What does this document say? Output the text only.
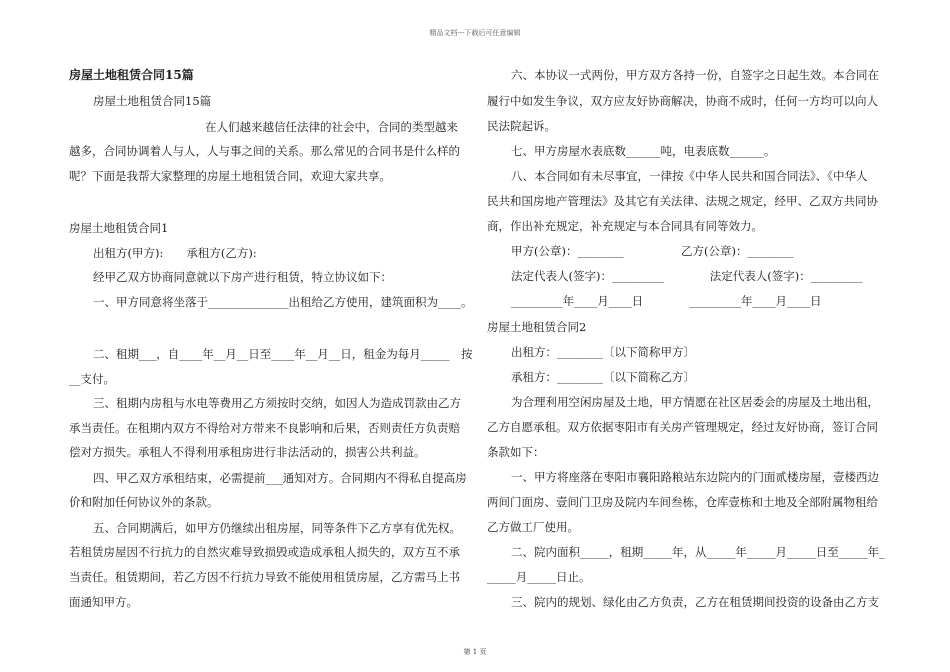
精品文档---下载后可任意编辑
房屋土地租赁合同15篇
房屋土地租赁合同15篇
在人们越来越信任法律的社会中，合同的类型越来
越多，合同协调着人与人，人与事之间的关系。那么常见的合同书是什么样的
呢？下面是我帮大家整理的房屋土地租赁合同，欢迎大家共享。
房屋土地租赁合同1
出租方(甲方):　　承租方(乙方):
经甲乙双方协商同意就以下房产进行租赁，特立协议如下：
一、甲方同意将坐落于______________出租给乙方使用，建筑面积为____。
二、租期___，自____年__月__日至____年__月__日，租金为每月_____　按
__支付。
三、租期内房租与水电等费用乙方须按时交纳，如因人为造成罚款由乙方
承当责任。在租期内双方不得给对方带来不良影响和后果，否则责任方负责赔
偿对方损失。承租人不得利用承租房进行非法活动的，损害公共利益。
四、甲乙双方承租结束，必需提前___通知对方。合同期内不得私自提高房
价和附加任何协议外的条款。
五、合同期满后，如甲方仍继续出租房屋，同等条件下乙方享有优先权。
若租赁房屋因不行抗力的自然灾难导致损毁或造成承租人损失的，双方互不承
当责任。租赁期间，若乙方因不行抗力导致不能使用租赁房屋，乙方需马上书
面通知甲方。
六、本协议一式两份，甲方双方各持一份，自签字之日起生效。本合同在
履行中如发生争议，双方应友好协商解决，协商不成时，任何一方均可以向人
民法院起诉。
七、甲方房屋水表底数______吨，电表底数______。
八、本合同如有未尽事宜，一律按《中华人民共和国合同法》、《中华人
民共和国房地产管理法》及其它有关法律、法规之规定，经甲、乙双方共同协
商，作出补充规定，补充规定与本合同具有同等效力。
甲方(公章)：________　　　　　乙方(公章)：________
法定代表人(签字)：_________　　　　法定代表人(签字)：_________
_________年____月____日　　　　_________年____月____日
房屋土地租赁合同2
出租方：________〔以下简称甲方〕
承租方：________〔以下简称乙方〕
为合理利用空闲房屋及土地，甲方情愿在社区居委会的房屋及土地出租，
乙方自愿承租。双方依据枣阳市有关房产管理规定，经过友好协商，签订合同
条款如下：
一、甲方将座落在枣阳市襄阳路粮站东边院内的门面贰楼房屋，壹楼西边
两间门面房、壹间门卫房及院内车间叁栋，仓库壹栋和土地及全部附属物租给
乙方做工厂使用。
二、院内面积_____，租期_____年，从_____年_____月_____日至_____年_
_____月_____日止。
三、院内的规划、绿化由乙方负责，乙方在租赁期间投资的设备由乙方支
第 1 页
